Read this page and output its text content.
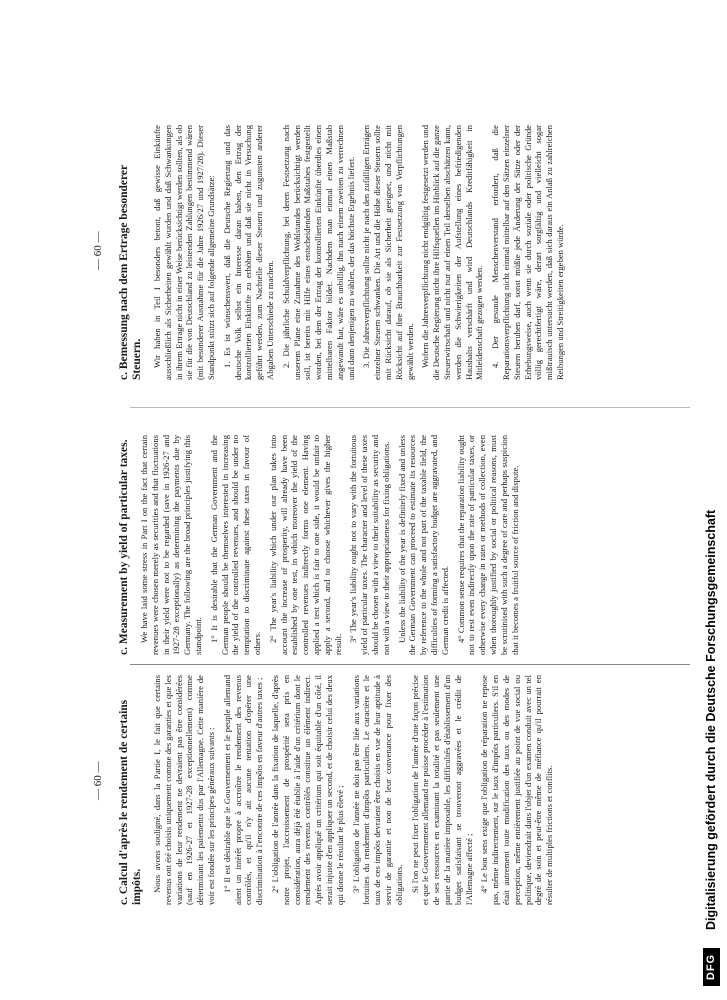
DFG
Digitalisierung gefördert durch die Deutsche Forschungsgemeinschaft
— 60 —
— 60 —
c. Calcul d'après le rendement de certains impôts. Nous avons souligné, dans la Partie I, le fait que certains revenus ont été choisis uniquement comme des garanties et que les variations de leur rendement ne devraient pas être considérées (sauf en 1926-27 et 1927-28 exceptionnellement) comme déterminant les paiements dus par l'Allemagne. Cette manière de voir est fondée sur les principes généraux suivants : 1° Il est désirable que le Gouvernement et le peuple allemand aient un intérêt propre à accroître le rendement des revenus contrôlés, et qu'il n'y ait aucune tentation d'opérer une discrimination à l'encontre de ces impôts en faveur d'autres taxes ; 2° L'obligation de l'année dans la fixation de laquelle, d'après notre projet, l'accroissement de prospérité sera pris en considération, aura déjà été établie à l'aide d'un critérium dont le rendement des revenus contrôlés constitue un élément indirect. Après avoir appliqué un critérium qui soit équitable d'un côté, il serait injuste d'en appliquer un second, et de choisir celui des deux qui donne le résultat le plus élevé ; 3° L'obligation de l'année ne doit pas être liée aux variations fortuites du rendement d'impôts particuliers. Le caractère et le taux de ces impôts devraient être choisis en vue de leur aptitude à servir de garantie et non de leur convenance pour fixer des obligations. Si l'on ne peut fixer l'obligation de l'année d'une façon précise et que le Gouvernement allemand ne puisse procéder à l'estimation de ses ressources en examinant la totalité et pas seulement une partie de la matière imposable, les difficultés d'établissement d'un budget satisfaisant se trouveront aggravées et le crédit de l'Allemagne affecté ; 4° Le bon sens exige que l'obligation de réparation ne repose pas, même indirectement, sur le taux d'impôts particuliers. S'il en était autrement toute modification des taux ou des modes de perception, même entièrement justifiée au point de vue social ou politique, deviendrait dans l'objet d'un examen conduit avec un tel degré de soin et peut-être même de méfiance qu'il pourrait en résulter de multiples frictions et conflits.

c. Measurement by yield of particular taxes. We have laid some stress in Part I on the fact that certain revenues were chosen merely as securities and that fluctuations in their yield were not to be regarded (save in 1926-27 and 1927-28 exceptionally) as determining the payments due by Germany. The following are the broad principles justifying this standpoint. 1° It is desirable that the German Government and the German people should be themselves interested in increasing the yield of the controlled revenues, and should be under no temptation to discriminate against these taxes in favour of others.

2° The year's liability which under our plan takes into account the increase of prosperity, will already have been established by one test, in which moreover the yield of the controlled revenues indirectly forms one element. Having applied a test which is fair to one side, it would be unfair to apply a second, and to choose whichever gives the higher result.

3° The year's liability ought not to vary with the fortuitous yield of particular taxes. The character and level of these taxes should be chosen with a view to their suitability as security and not with a view to their appropriateness for fixing obligations. Unless the liability of the year is definitely fixed and unless the German Government can proceed to estimate its resources by reference to the whole and not part of the taxable field, the difficulties of forming a satisfactory budget are aggravated, and German credit is affected. 4° Common sense requires that the reparation liability ought not to rest even indirectly upon the rate of particular taxes, or otherwise every change in rates or methods of collection, even when thoroughly justified by social or political reasons, must be scrutinised with such a degree of care and perhaps suspicion that it becomes a fruitful source of friction and dispute.

c. Bemessung nach dem Ertrage besonderer Steuern. Wir haben in Teil I besonders betont, daß gewisse Einkünfte ausschließlich als Sicherheiten gewählt wurden und daß Schwankungen in ihrem Ertrage nicht in einer Weise berücksichtigt werden sollten, als ob sie für die von Deutschland zu leistenden Zahlungen bestimmend wären (mit besonderer Ausnahme für die Jahre 1926/27 und 1927/28). Dieser Standpunkt stützt sich auf folgende allgemeine Grundsätze: 1. Es ist wünschenswert, daß die Deutsche Regierung und das deutsche Volk selbst ein Interesse daran haben, den Ertrag der kontrollierten Einkünfte zu erhöhen und daß sie nicht in Versuchung geführt werden, zum Nachteile dieser Steuern und zugunsten anderer Abgaben Unterschiede zu machen. 2. Die jährliche Schuldverpflichtung, bei deren Festsetzung nach unserem Plane eine Zunahme des Wohlstandes berücksichtigt werden soll, ist bereits mit Hilfe eines entscheidenden Maßstabes festgestellt worden, bei dem der Ertrag der kontrollierten Einkünfte überdies einen mittelbaren Faktor bildet. Nachdem man einmal einen Maßstab angewandt hat, wäre es unbillig, ihn nach einem zweiten zu verrechnen und dann denjenigen zu wählen, der das höchste Ergebnis liefert. 3. Die Jahresverpflichtung sollte nicht je nach den zufälligen Erträgen einzelner Steuern schwanken. Die Art und die Höhe dieser Steuern sollte mit Rücksicht darauf, ob sie als Sicherheit geeignet, und nicht mit Rücksicht auf ihre Brauchbarkeit zur Festsetzung von Verpflichtungen gewählt werden. Wofern die Jahresverpflichtung nicht endgültig festgesetzt werden und die Deutsche Regierung nicht ihre Hilfsquellen im Hinblick auf die ganze Steuerwirtschaft und nicht nur auf einen Teil derselben abschätzen kann, werden die Schwierigkeiten der Aufstellung eines befriedigenden Haushalts verschärft und wird Deutschlands Kreditfähigkeit in Mitleidenschaft gezogen werden. 4. Der gesunde Menschenverstand erfordert, daß die Reparationsverpflichtung nicht einmal mittelbar auf den Sätzen einzelner Steuern beruhen darf, sonst müßte jede Änderung der Sätze oder der Erhebungsweise, auch wenn sie durch soziale oder politische Gründe völlig gerechtfertigt wäre, derart sorgfältig und vielleicht sogar mißtrauisch untersucht werden, daß sich daraus ein Anlaß zu zahlreichen Reibungen und Streitigkeiten ergeben würde.
